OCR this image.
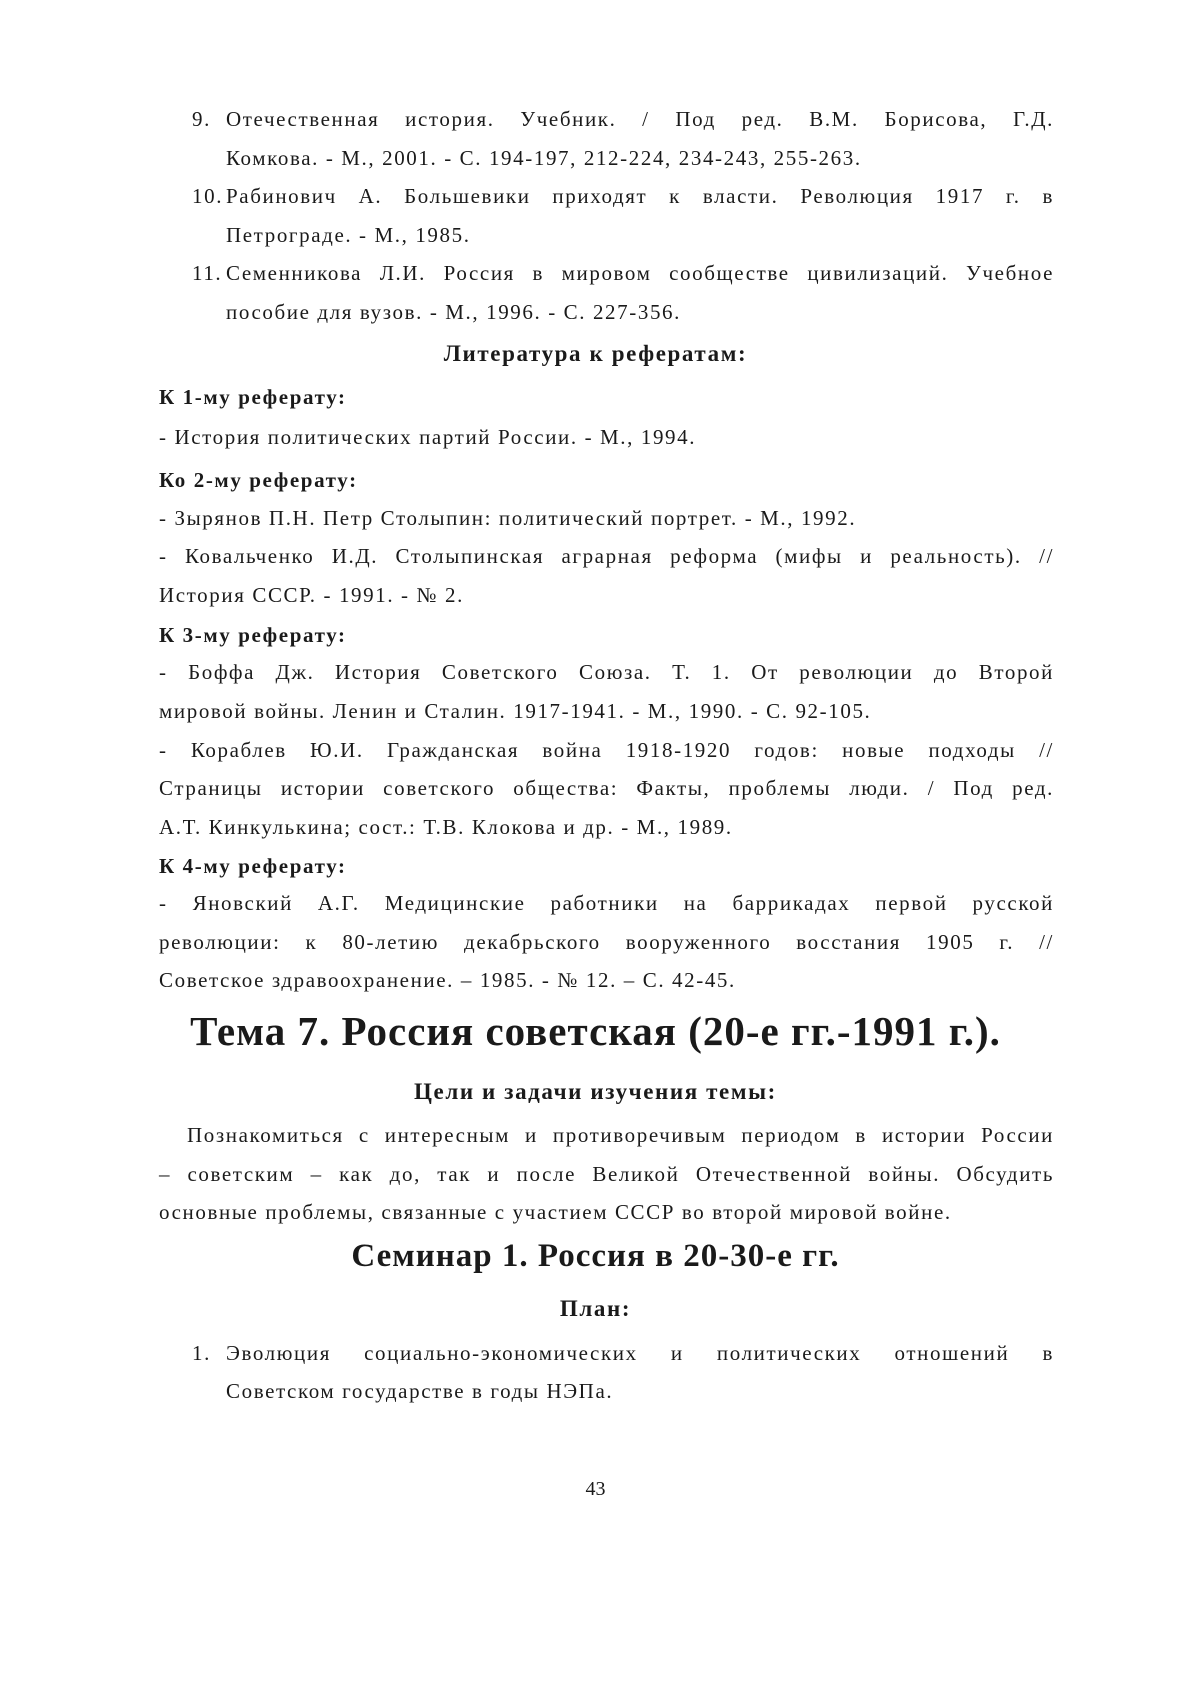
9. Отечественная история. Учебник. / Под ред. В.М. Борисова, Г.Д.
Комкова. - М., 2001. - С. 194-197, 212-224, 234-243, 255-263.
10. Рабинович А. Большевики приходят к власти. Революция 1917 г. в
Петрограде. - М., 1985.
11. Семенникова Л.И. Россия в мировом сообществе цивилизаций. Учебное
пособие для вузов. - М., 1996. - С. 227-356.
Литература к рефератам:
К 1-му реферату:
- История политических партий России. - М., 1994.
Ко 2-му реферату:
- Зырянов П.Н. Петр Столыпин: политический портрет. - М., 1992.
- Ковальченко И.Д. Столыпинская аграрная реформа (мифы и реальность). //
История СССР. - 1991. - № 2.
К 3-му реферату:
- Боффа Дж. История Советского Союза. Т. 1. От революции до Второй
мировой войны. Ленин и Сталин. 1917-1941. - М., 1990. - С. 92-105.
- Кораблев Ю.И. Гражданская война 1918-1920 годов: новые подходы //
Страницы истории советского общества: Факты, проблемы люди. / Под ред.
А.Т. Кинкулькина; сост.: Т.В. Клокова и др. - М., 1989.
К 4-му реферату:
- Яновский А.Г. Медицинские работники на баррикадах первой русской
революции: к 80-летию декабрьского вооруженного восстания 1905 г. //
Советское здравоохранение. – 1985. - № 12. – С. 42-45.
Тема 7. Россия советская (20-е гг.-1991 г.).
Цели и задачи изучения темы:
Познакомиться с интересным и противоречивым периодом в истории России
– советским – как до, так и после Великой Отечественной войны. Обсудить
основные проблемы, связанные с участием СССР во второй мировой войне.
Семинар 1. Россия в 20-30-е гг.
План:
1. Эволюция социально-экономических и политических отношений в
Советском государстве в годы НЭПа.
43
